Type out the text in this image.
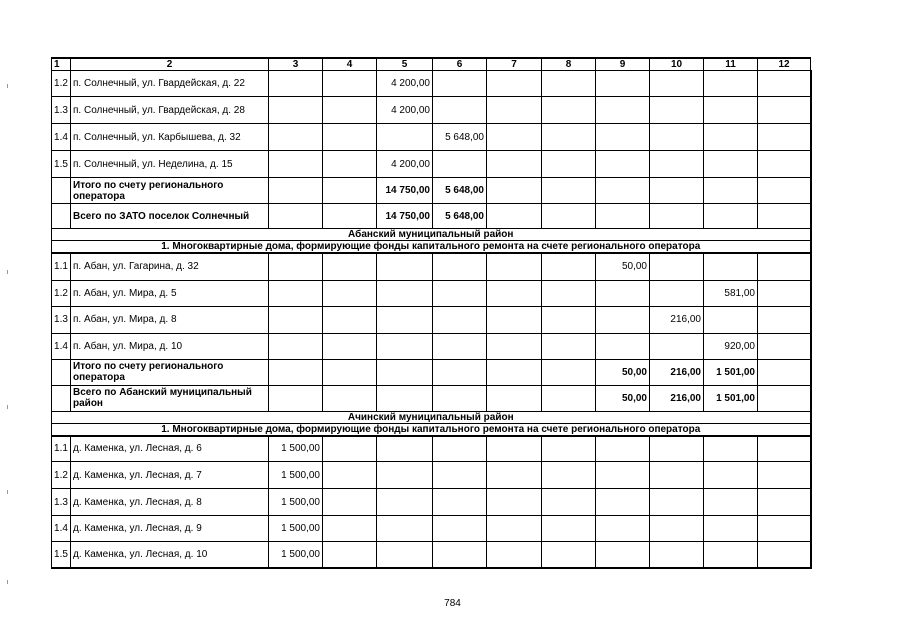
1	2	3	4	5	6	7	8	9	10	11	12
1.2	п. Солнечный, ул. Гвардейская, д. 22			4 200,00							
1.3	п. Солнечный, ул. Гвардейская, д. 28			4 200,00							
1.4	п. Солнечный, ул. Карбышева, д. 32				5 648,00						
1.5	п. Солнечный, ул. Неделина, д. 15			4 200,00							
	Итого по счету регионального оператора			14 750,00	5 648,00						
	Всего по ЗАТО поселок Солнечный			14 750,00	5 648,00						
Абанский муниципальный район											
1. Многоквартирные дома, формирующие фонды капитального ремонта на счете регионального оператора											
1.1	п. Абан, ул. Гагарина, д. 32							50,00			
1.2	п. Абан, ул. Мира, д. 5									581,00	
1.3	п. Абан, ул. Мира, д. 8								216,00		
1.4	п. Абан, ул. Мира, д. 10									920,00	
	Итого по счету регионального оператора							50,00	216,00	1 501,00	
	Всего по Абанский муниципальный район							50,00	216,00	1 501,00	
Ачинский муниципальный район											
1. Многоквартирные дома, формирующие фонды капитального ремонта на счете регионального оператора											
1.1	д. Каменка, ул. Лесная, д. 6	1 500,00									
1.2	д. Каменка, ул. Лесная, д. 7	1 500,00									
1.3	д. Каменка, ул. Лесная, д. 8	1 500,00									
1.4	д. Каменка, ул. Лесная, д. 9	1 500,00									
1.5	д. Каменка, ул. Лесная, д. 10	1 500,00									
784
